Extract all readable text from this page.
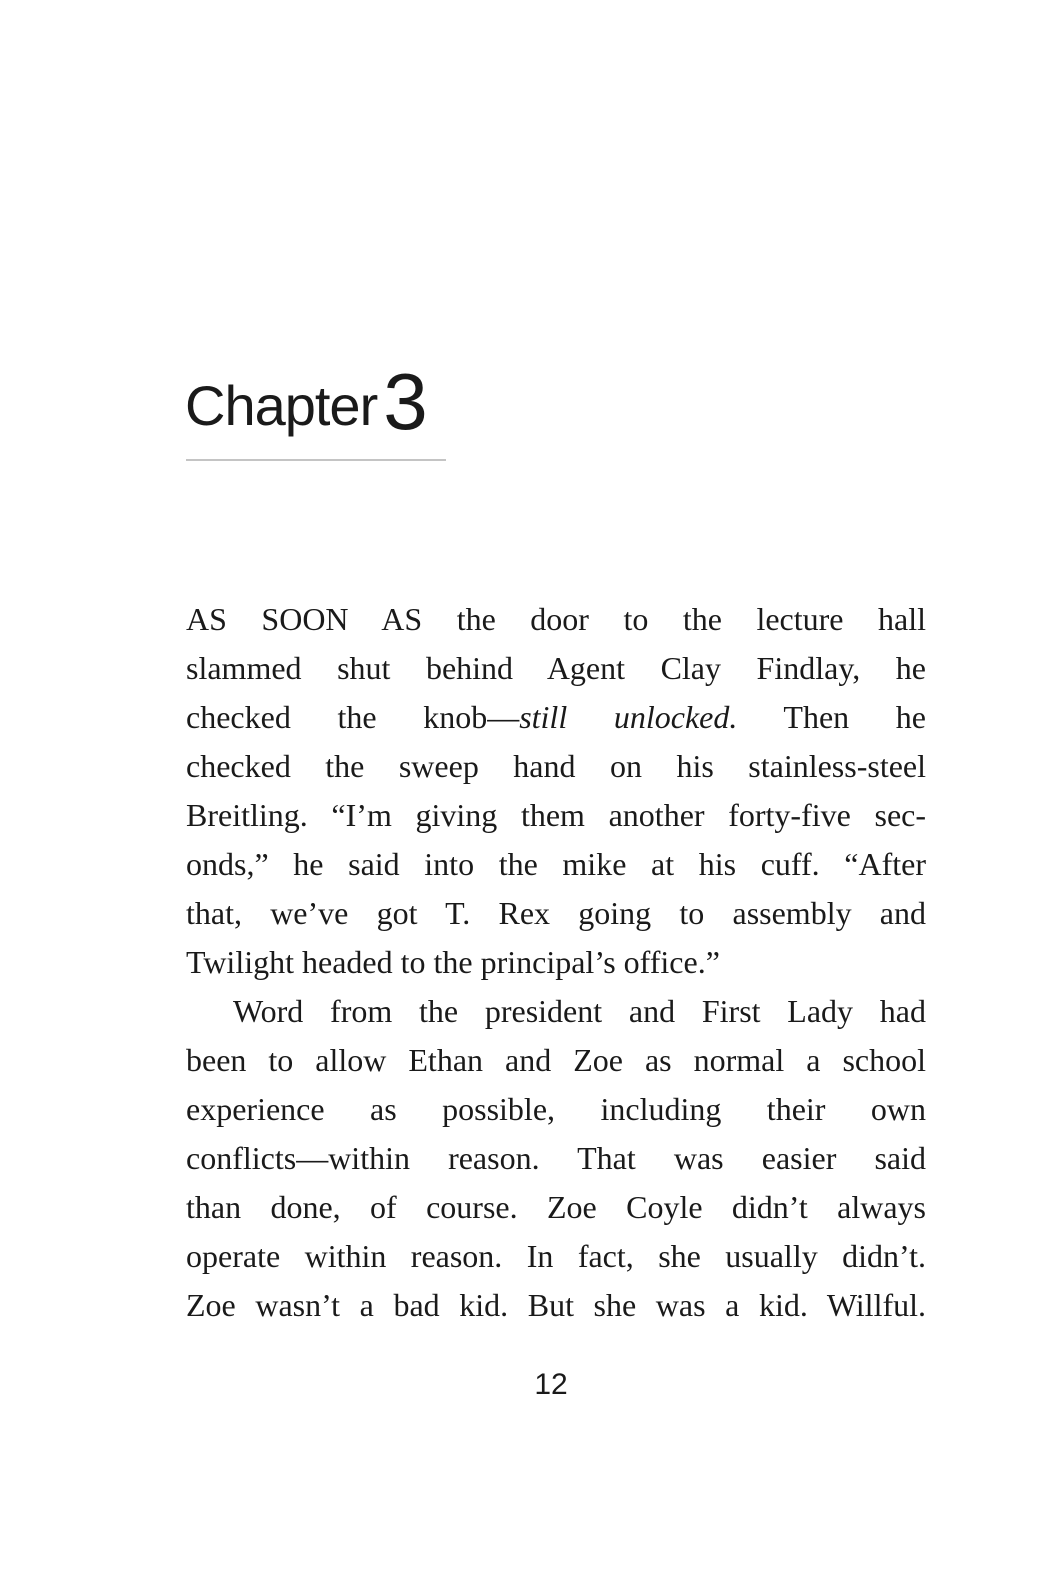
Chapter3
AS SOON AS the door to the lecture hall
slammed shut behind Agent Clay Findlay, he
checked the knob—still unlocked. Then he
checked the sweep hand on his stainless-steel
Breitling. “I’m giving them another forty-five sec-
onds,” he said into the mike at his cuff. “After
that, we’ve got T. Rex going to assembly and
Twilight headed to the principal’s office.”
Word from the president and First Lady had
been to allow Ethan and Zoe as normal a school
experience as possible, including their own
conflicts—within reason. That was easier said
than done, of course. Zoe Coyle didn’t always
operate within reason. In fact, she usually didn’t.
Zoe wasn’t a bad kid. But she was a kid. Willful.
12
